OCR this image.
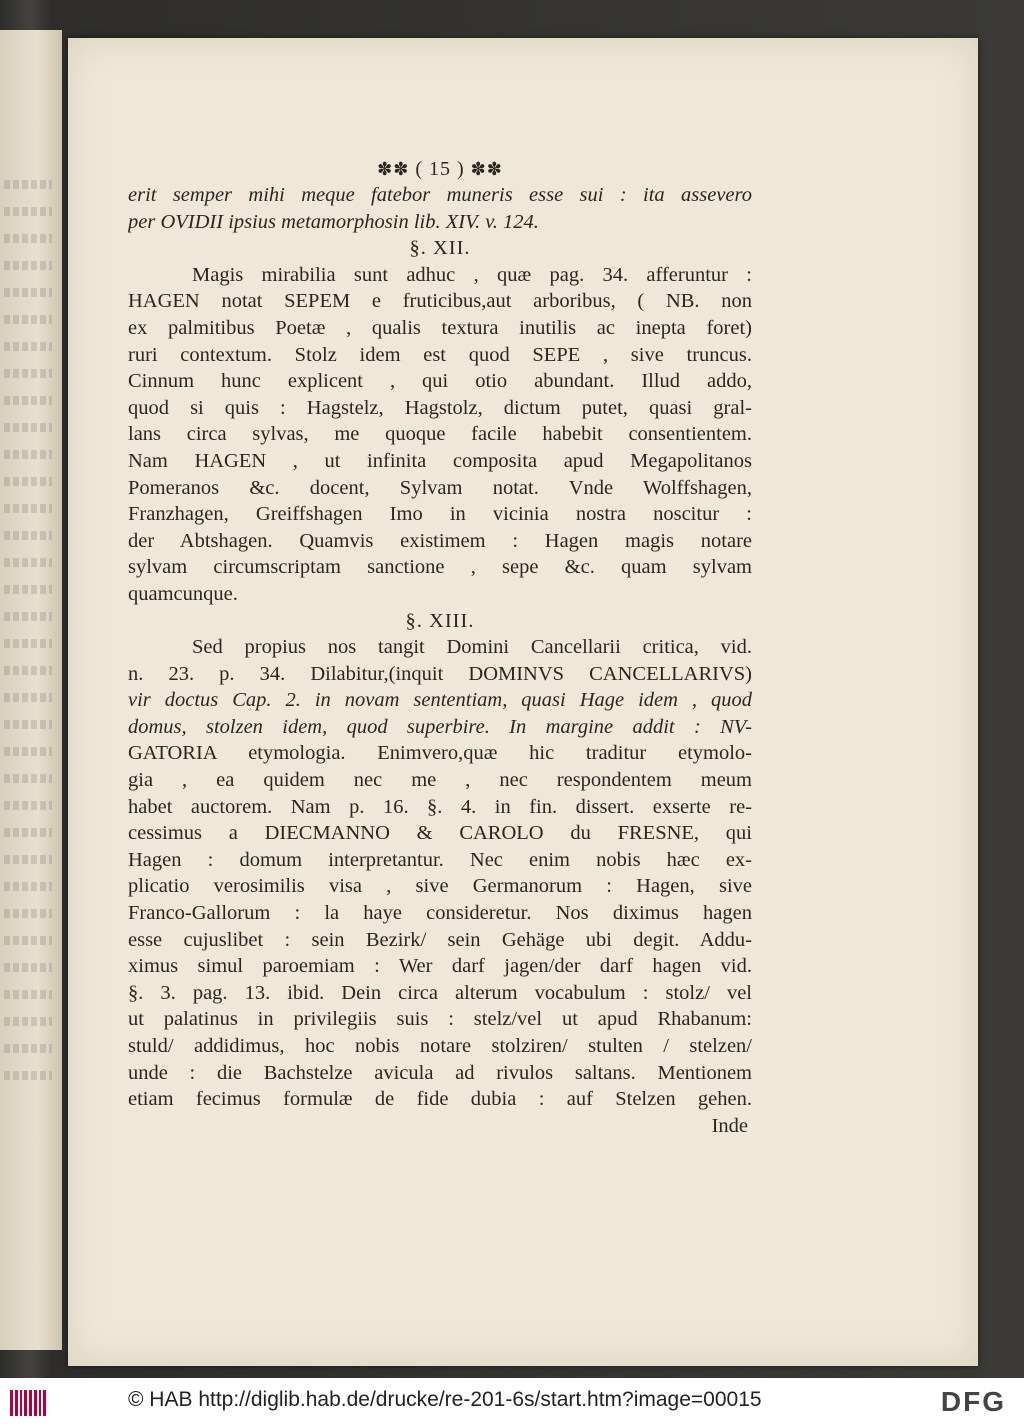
✽✽ ( 15 ) ✽✽
erit semper mihi meque fatebor muneris esse sui : ita assevero
per OVIDII ipsius metamorphosin lib. XIV. v. 124.
§. XII.
Magis mirabilia sunt adhuc , quæ pag. 34. afferuntur :
HAGEN notat SEPEM e fruticibus,aut arboribus, ( NB. non
ex palmitibus Poetæ , qualis textura inutilis ac inepta foret)
ruri contextum. Stolz idem est quod SEPE , sive truncus.
Cinnum hunc explicent , qui otio abundant. Illud addo,
quod si quis : Hagstelz, Hagstolz, dictum putet, quasi gral-
lans circa sylvas, me quoque facile habebit consentientem.
Nam HAGEN , ut infinita composita apud Megapolitanos
Pomeranos &c. docent, Sylvam notat. Vnde Wolffshagen,
Franzhagen, Greiffshagen Imo in vicinia nostra noscitur :
der Abtshagen. Quamvis existimem : Hagen magis notare
sylvam circumscriptam sanctione , sepe &c. quam sylvam
quamcunque.
§. XIII.
Sed propius nos tangit Domini Cancellarii critica, vid.
n. 23. p. 34. Dilabitur,(inquit DOMINVS CANCELLARIVS)
vir doctus Cap. 2. in novam sententiam, quasi Hage idem , quod
domus, stolzen idem, quod superbire. In margine addit : NV-
GATORIA etymologia. Enimvero,quæ hic traditur etymolo-
gia , ea quidem nec me , nec respondentem meum
habet auctorem. Nam p. 16. §. 4. in fin. dissert. exserte re-
cessimus a DIECMANNO & CAROLO du FRESNE, qui
Hagen : domum interpretantur. Nec enim nobis hæc ex-
plicatio verosimilis visa , sive Germanorum : Hagen, sive
Franco-Gallorum : la haye consideretur. Nos diximus hagen
esse cujuslibet : sein Bezirk/ sein Gehäge ubi degit. Addu-
ximus simul paroemiam : Wer darf jagen/der darf hagen vid.
§. 3. pag. 13. ibid. Dein circa alterum vocabulum : stolz/ vel
ut palatinus in privilegiis suis : stelz/vel ut apud Rhabanum:
stuld/ addidimus, hoc nobis notare stolziren/ stulten / stelzen/
unde : die Bachstelze avicula ad rivulos saltans. Mentionem
etiam fecimus formulæ de fide dubia : auf Stelzen gehen.
Inde
© HAB http://diglib.hab.de/drucke/re-201-6s/start.htm?image=00015	DFG
